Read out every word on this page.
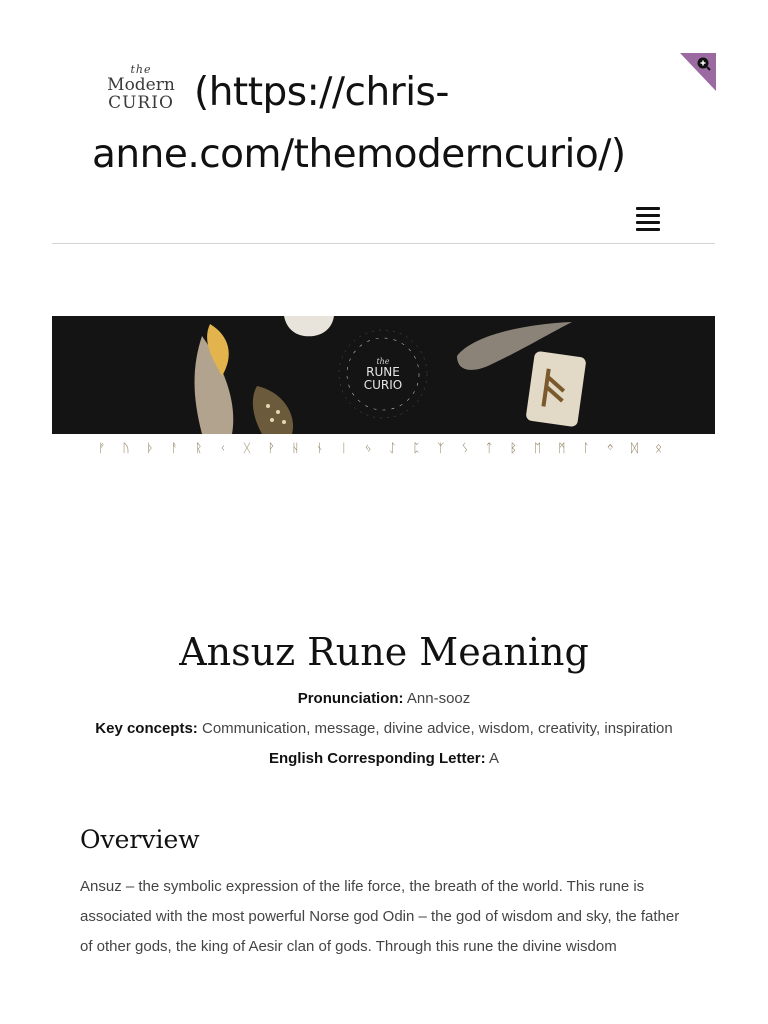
the
Modern
CURIO (https://chris-anne.com/themoderncurio/)
the
RUNE
CURIO
ᚠ ᚢ ᚦ ᚨ ᚱ ᚲ ᚷ ᚹ ᚺ ᚾ ᛁ ᛃ ᛇ ᛈ ᛉ ᛊ ᛏ ᛒ ᛖ ᛗ ᛚ ᛜ ᛞ ᛟ
Ansuz Rune Meaning
Pronunciation: Ann-sooz
Key concepts: Communication, message, divine advice, wisdom, creativity, inspiration
English Corresponding Letter: A
Overview

Ansuz – the symbolic expression of the life force, the breath of the world. This rune is associated with the most powerful Norse god Odin – the god of wisdom and sky, the father of other gods, the king of Aesir clan of gods. Through this rune the divine wisdom
